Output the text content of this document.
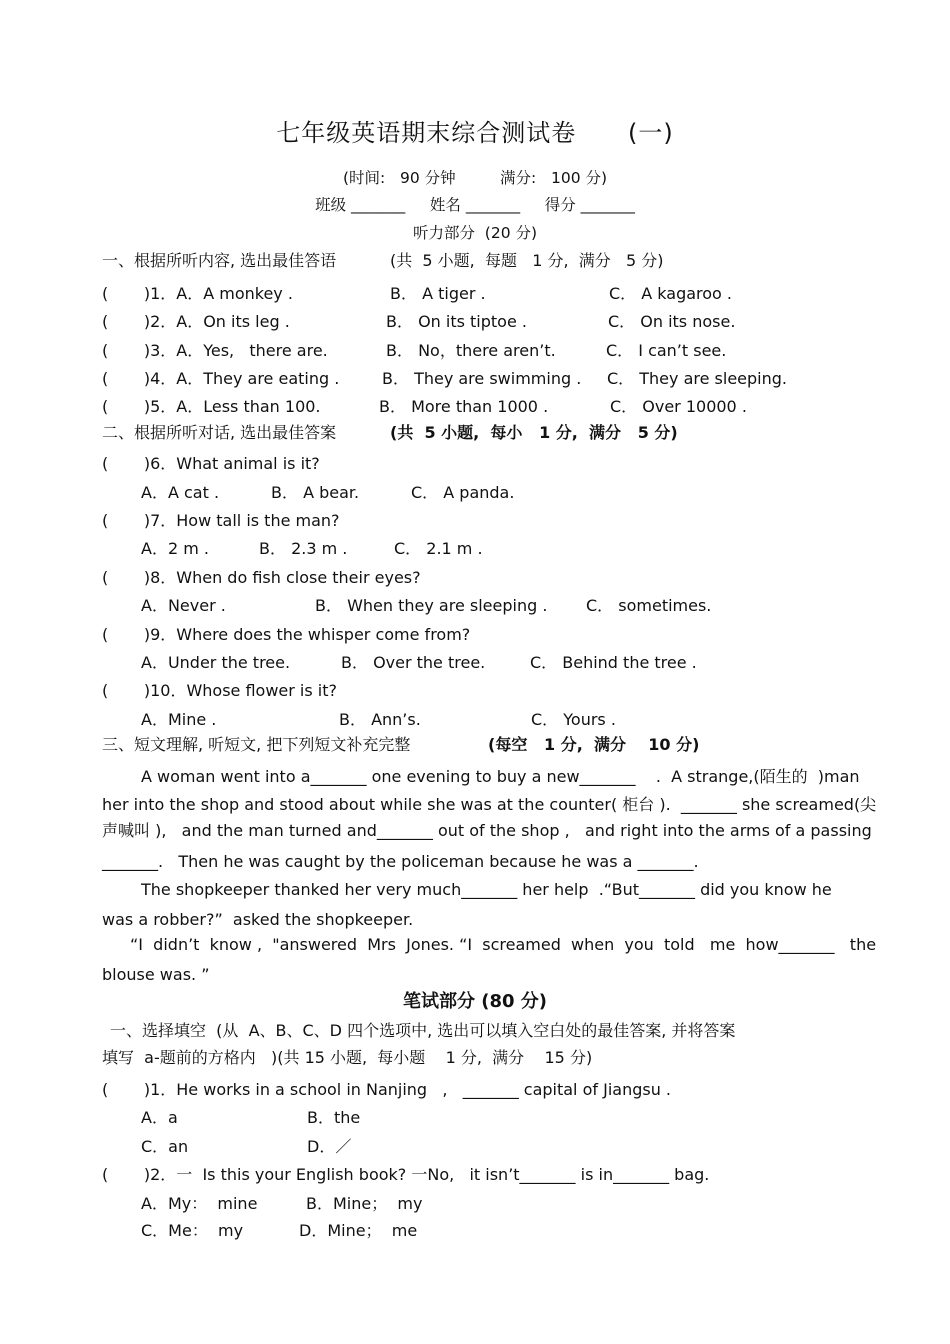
七年级英语期末综合测试卷      (一)
(时间:   90 分钟         满分:   100 分)
班级 _______     姓名 _______     得分 _______
听力部分  (20 分)
一、根据所听内容, 选出最佳答语	(共  5 小题,  每题   1 分,  满分   5 分)
(       )1．A．A monkey .	B． A tiger .	C． A kagaroo .
(       )2．A．On its leg .	B． On its tiptoe .	C． On its nose.
(       )3．A．Yes,   there are.	B． No，there aren’t.	C． I can’t see.
(       )4．A．They are eating .	B． They are swimming . C． They are sleeping.
(       )5．A．Less than 100.	B． More than 1000 .	C． Over 10000 .
二、根据所听对话, 选出最佳答案	(共  5 小题,  每小   1 分,  满分   5 分)
(       )6．What animal is it?
A．A cat .	B． A bear.	C． A panda.
(       )7．How tall is the man?
A．2 m .	B． 2.3 m .	C． 2.1 m .
(       )8．When do fish close their eyes?
A．Never .	B． When they are sleeping . C． sometimes.
(       )9．Where does the whisper come from?
A．Under the tree.	B． Over the tree.	C． Behind the tree .
(       )10．Whose flower is it?
A．Mine .	B． Ann’s.	C． Yours .
三、短文理解, 听短文, 把下列短文补充完整	(每空   1 分,  满分    10 分)
A woman went into a_______ one evening to buy a new_______    .  A strange,(陌生的  )man
her into the shop and stood about while she was at the counter( 柜台 ).  _______ she screamed(尖
声喊叫 ),   and the man turned and_______ out of the shop ,   and right into the arms of a passing
_______.   Then he was caught by the policeman because he was a _______.
The shopkeeper thanked her very much_______ her help  .“But_______ did you know he
was a robber?”  asked the shopkeeper.
“I  didn’t  know ,  "answered  Mrs  Jones. “I  screamed  when  you  told   me  how_______   the
blouse was. ”
笔试部分 (80 分)
一、选择填空  (从  A、B、C、D 四个选项中, 选出可以填入空白处的最佳答案, 并将答案
填写  a-题前的方格内   )(共 15 小题,  每小题    1 分,  满分    15 分)
(       )1．He works in a school in Nanjing   ,   _______ capital of Jiangsu .
A．a	B．the
C．an	D．／
(       )2．一  Is this your English book? 一No,   it isn’t_______ is in_______ bag.
A．My：  mine	B．Mine；  my
C．Me：  my	D．Mine；  me
